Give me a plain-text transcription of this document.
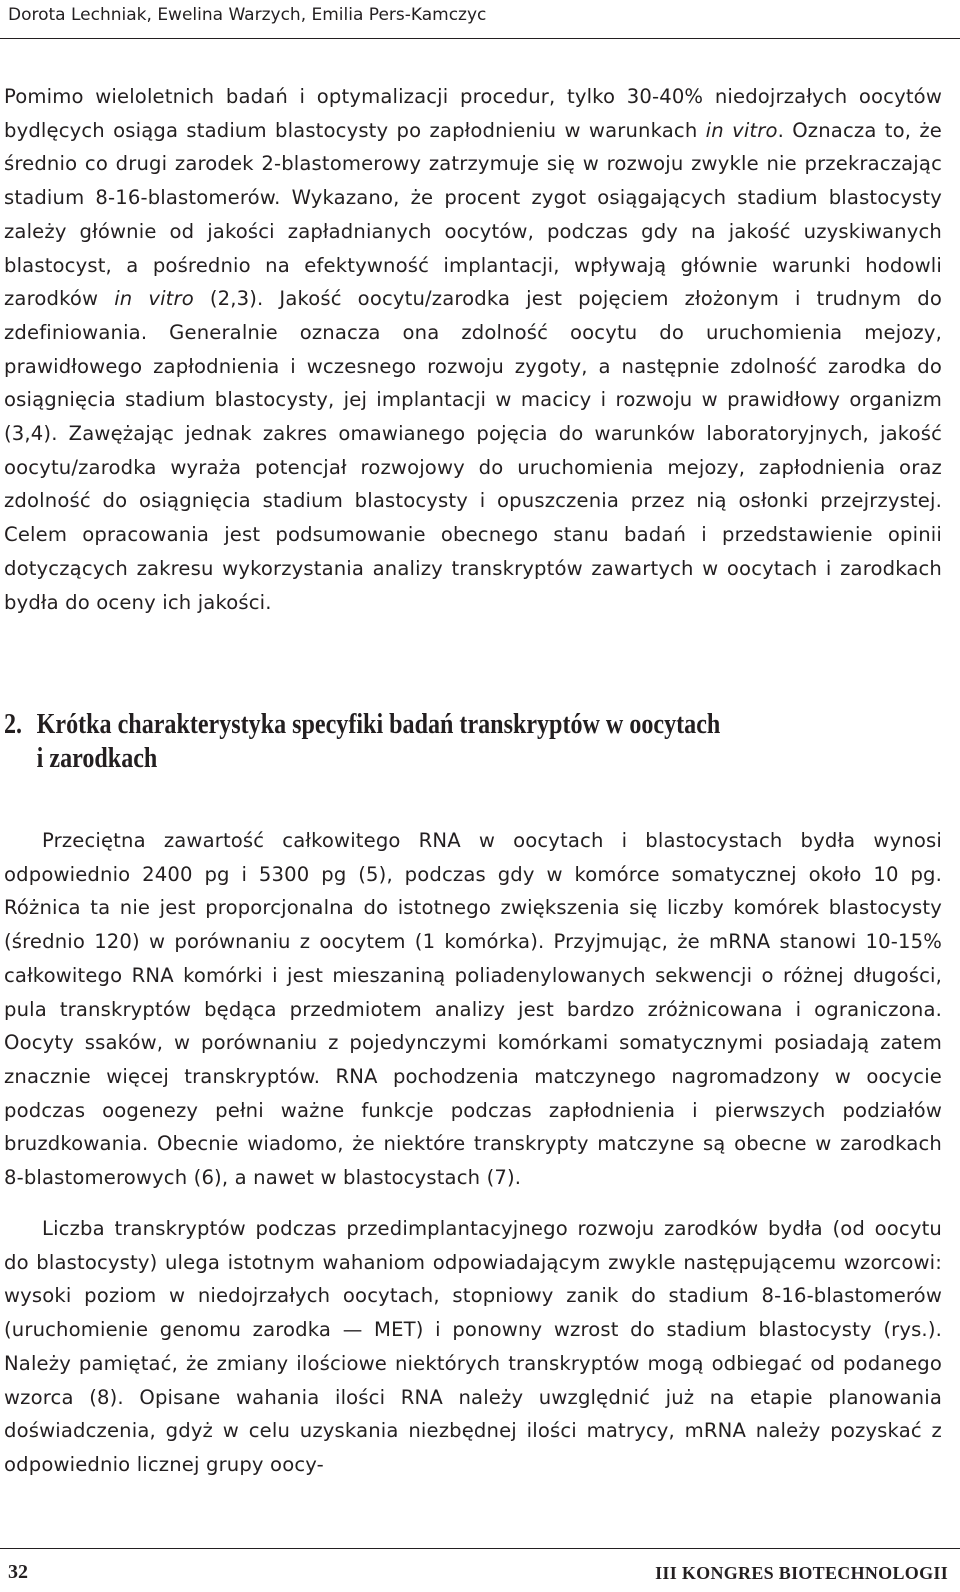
Dorota Lechniak, Ewelina Warzych, Emilia Pers-Kamczyc

Pomimo wieloletnich badań i optymalizacji procedur, tylko 30-40% niedojrzałych oocytów bydlęcych osiąga stadium blastocysty po zapłodnieniu w warunkach in vitro. Oznacza to, że średnio co drugi zarodek 2-blastomerowy zatrzymuje się w rozwoju zwykle nie przekraczając stadium 8-16-blastomerów. Wykazano, że procent zygot osiągających stadium blastocysty zależy głównie od jakości zapładnianych oocytów, podczas gdy na jakość uzyskiwanych blastocyst, a pośrednio na efektywność implantacji, wpływają głównie warunki hodowli zarodków in vitro (2,3). Jakość oocytu/zarodka jest pojęciem złożonym i trudnym do zdefiniowania. Generalnie oznacza ona zdolność oocytu do uruchomienia mejozy, prawidłowego zapłodnienia i wczesnego rozwoju zygoty, a następnie zdolność zarodka do osiągnięcia stadium blastocysty, jej implantacji w macicy i rozwoju w prawidłowy organizm (3,4). Zawężając jednak zakres omawianego pojęcia do warunków laboratoryjnych, jakość oocytu/zarodka wyraża potencjał rozwojowy do uruchomienia mejozy, zapłodnienia oraz zdolność do osiągnięcia stadium blastocysty i opuszczenia przez nią osłonki przejrzystej. Celem opracowania jest podsumowanie obecnego stanu badań i przedstawienie opinii dotyczących zakresu wykorzystania analizy transkryptów zawartych w oocytach i zarodkach bydła do oceny ich jakości.

2. Krótka charakterystyka specyfiki badań transkryptów w oocytach
i zarodkach

Przeciętna zawartość całkowitego RNA w oocytach i blastocystach bydła wynosi odpowiednio 2400 pg i 5300 pg (5), podczas gdy w komórce somatycznej około 10 pg. Różnica ta nie jest proporcjonalna do istotnego zwiększenia się liczby komórek blastocysty (średnio 120) w porównaniu z oocytem (1 komórka). Przyjmując, że mRNA stanowi 10-15% całkowitego RNA komórki i jest mieszaniną poliadenylowanych sekwencji o różnej długości, pula transkryptów będąca przedmiotem analizy jest bardzo zróżnicowana i ograniczona. Oocyty ssaków, w porównaniu z pojedynczymi komórkami somatycznymi posiadają zatem znacznie więcej transkryptów. RNA pochodzenia matczynego nagromadzony w oocycie podczas oogenezy pełni ważne funkcje podczas zapłodnienia i pierwszych podziałów bruzdkowania. Obecnie wiadomo, że niektóre transkrypty matczyne są obecne w zarodkach 8-blastomerowych (6), a nawet w blastocystach (7).

Liczba transkryptów podczas przedimplantacyjnego rozwoju zarodków bydła (od oocytu do blastocysty) ulega istotnym wahaniom odpowiadającym zwykle następującemu wzorcowi: wysoki poziom w niedojrzałych oocytach, stopniowy zanik do stadium 8-16-blastomerów (uruchomienie genomu zarodka — MET) i ponowny wzrost do stadium blastocysty (rys.). Należy pamiętać, że zmiany ilościowe niektórych transkryptów mogą odbiegać od podanego wzorca (8). Opisane wahania ilości RNA należy uwzględnić już na etapie planowania doświadczenia, gdyż w celu uzyskania niezbędnej ilości matrycy, mRNA należy pozyskać z odpowiednio licznej grupy oocy-

32	III KONGRES BIOTECHNOLOGII
